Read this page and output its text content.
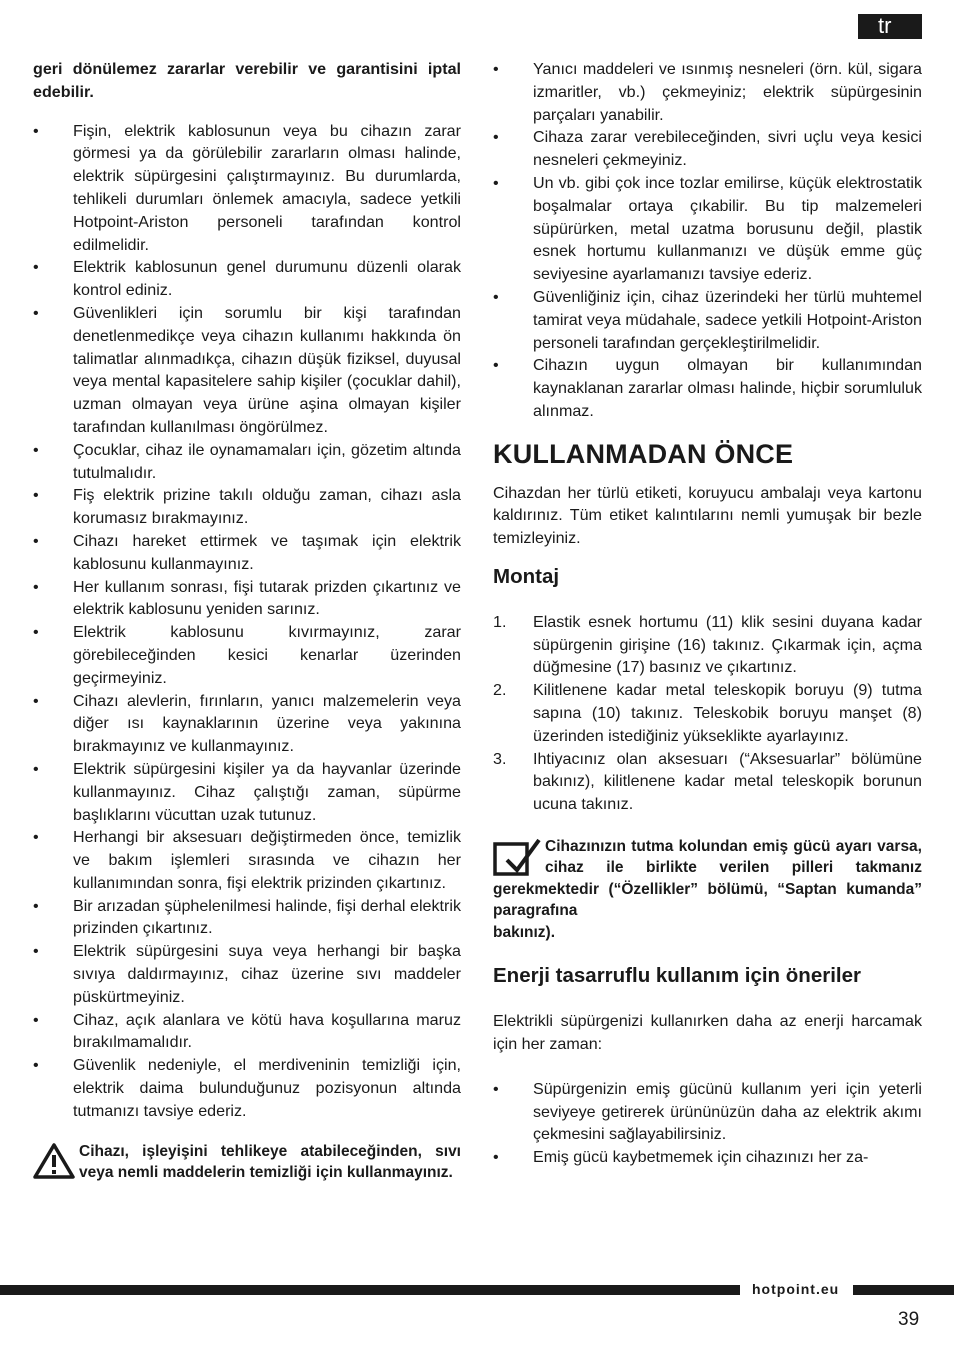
tr

geri dönülemez zararlar verebilir ve garantisini iptal edebilir.

• Fişin, elektrik kablosunun veya bu cihazın zarar görmesi ya da görülebilir zararların olması halinde, elektrik süpürgesini çalıştırmayınız. Bu durumlarda, tehlikeli durumları önlemek amacıyla, sadece yetkili Hotpoint-Ariston personeli tarafından kontrol edilmelidir.
• Elektrik kablosunun genel durumunu düzenli olarak kontrol ediniz.
• Güvenlikleri için sorumlu bir kişi tarafından denetlenmedikçe veya cihazın kullanımı hakkında ön talimatlar alınmadıkça, cihazın düşük fiziksel, duyusal veya mental kapasitelere sahip kişiler (çocuklar dahil), uzman olmayan veya ürüne aşina olmayan kişiler tarafından kullanılması öngörülmez.
• Çocuklar, cihaz ile oynamamaları için, gözetim altında tutulmalıdır.
• Fiş elektrik prizine takılı olduğu zaman, cihazı asla korumasız bırakmayınız.
• Cihazı hareket ettirmek ve taşımak için elektrik kablosunu kullanmayınız.
• Her kullanım sonrası, fişi tutarak prizden çıkartınız ve elektrik kablosunu yeniden sarınız.
• Elektrik kablosunu kıvırmayınız, zarar görebileceğinden kesici kenarlar üzerinden geçirmeyiniz.
• Cihazı alevlerin, fırınların, yanıcı malzemelerin veya diğer ısı kaynaklarının üzerine veya yakınına bırakmayınız ve kullanmayınız.
• Elektrik süpürgesini kişiler ya da hayvanlar üzerinde kullanmayınız. Cihaz çalıştığı zaman, süpürme başlıklarını vücuttan uzak tutunuz.
• Herhangi bir aksesuarı değiştirmeden önce, temizlik ve bakım işlemleri sırasında ve cihazın her kullanımından sonra, fişi elektrik prizinden çıkartınız.
• Bir arızadan şüphelenilmesi halinde, fişi derhal elektrik prizinden çıkartınız.
• Elektrik süpürgesini suya veya herhangi bir başka sıvıya daldırmayınız, cihaz üzerine sıvı maddeler püskürtmeyiniz.
• Cihaz, açık alanlara ve kötü hava koşullarına maruz bırakılmamalıdır.
• Güvenlik nedeniyle, el merdiveninin temizliği için, elektrik daima bulunduğunuz pozisyonun altında tutmanızı tavsiye ederiz.
Cihazı, işleyişini tehlikeye atabileceğinden, sıvı veya nemli maddelerin temizliği için kullanmayınız.
• Yanıcı maddeleri ve ısınmış nesneleri (örn. kül, sigara izmaritler, vb.) çekmeyiniz; elektrik süpürgesinin parçaları yanabilir.
• Cihaza zarar verebileceğinden, sivri uçlu veya kesici nesneleri çekmeyiniz.
• Un vb. gibi çok ince tozlar emilirse, küçük elektrostatik boşalmalar ortaya çıkabilir. Bu tip malzemeleri süpürürken, metal uzatma borusunu değil, plastik esnek hortumu kullanmanızı ve düşük emme güç seviyesine ayarlamanızı tavsiye ederiz.
• Güvenliğiniz için, cihaz üzerindeki her türlü muhtemel tamirat veya müdahale, sadece yetkili Hotpoint-Ariston personeli tarafından gerçekleştirilmelidir.
• Cihazın uygun olmayan bir kullanımından kaynaklanan zararlar olması halinde, hiçbir sorumluluk alınmaz.
KULLANMADAN ÖNCE

Cihazdan her türlü etiketi, koruyucu ambalajı veya kartonu kaldırınız. Tüm etiket kalıntılarını nemli yumuşak bir bezle temizleyiniz.

Montaj
1. Elastik esnek hortumu (11) klik sesini duyana kadar süpürgenin girişine (16) takınız. Çıkarmak için, açma düğmesine (17) basınız ve çıkartınız.
2. Kilitlenene kadar metal teleskopik boruyu (9) tutma sapına (10) takınız. Teleskobik boruyu manşet (8) üzerinden istediğiniz yükseklikte ayarlayınız.
3. Ihtiyacınız olan aksesuarı (“Aksesuarlar” bölümüne bakınız), kilitlenene kadar metal teleskopik borunun ucuna takınız.
Cihazınızın tutma kolundan emiş gücü ayarı varsa, cihaz ile birlikte verilen pilleri takmanız gerekmektedir (“Özellikler” bölümü, “Saptan kumanda” paragrafına
bakınız).
Enerji tasarruflu kullanım için öneriler

Elektrikli süpürgenizi kullanırken daha az enerji harcamak için her zaman:

• Süpürgenizin emiş gücünü kullanım yeri için yeterli seviyeye getirerek ürününüzün daha az elektrik akımı çekmesini sağlayabilirsiniz.
• Emiş gücü kaybetmemek için cihazınızı her za-
hotpoint.eu
39
